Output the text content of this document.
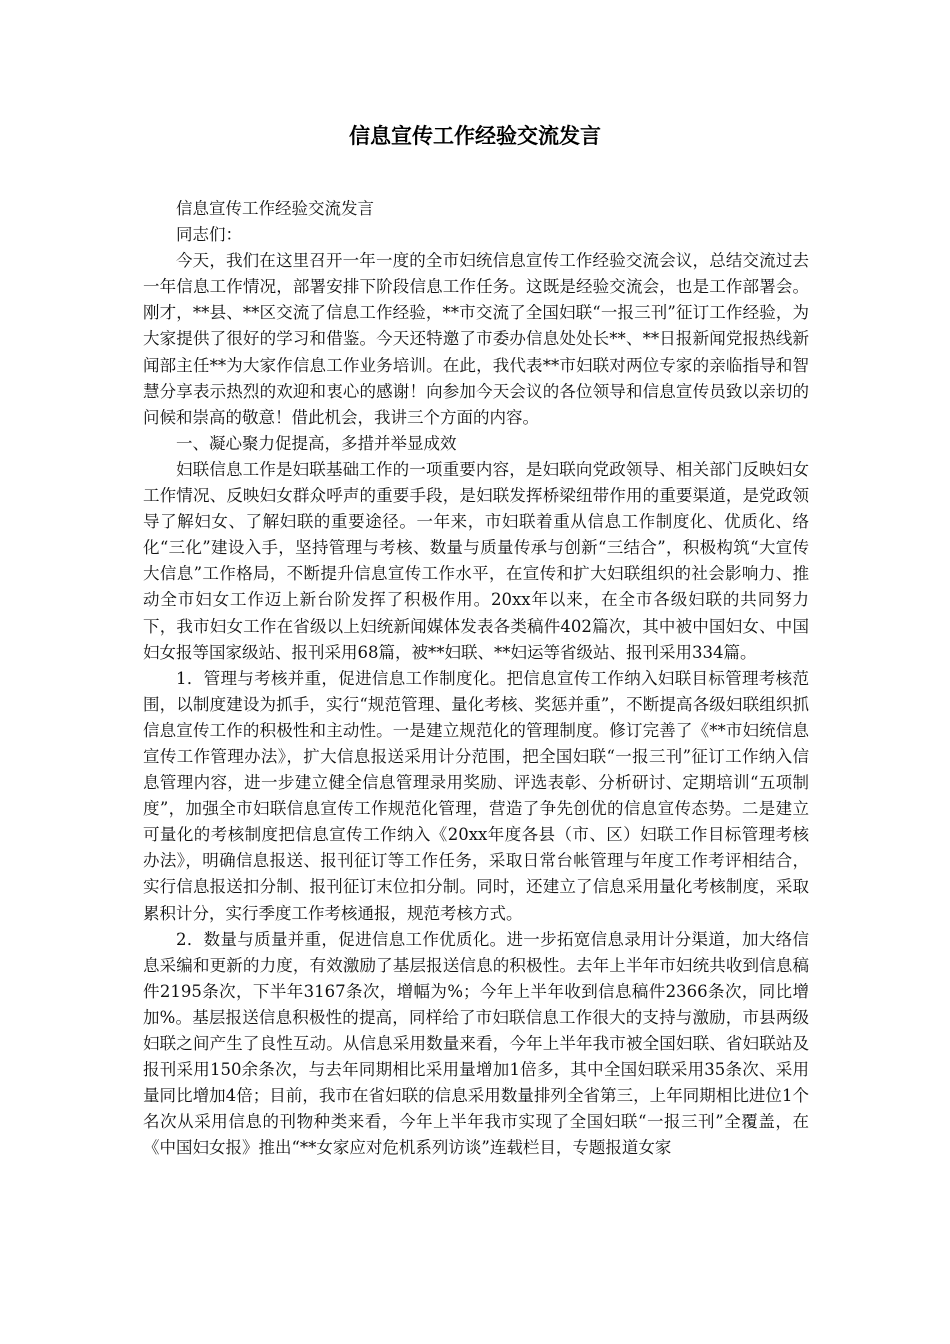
信息宣传工作经验交流发言

信息宣传工作经验交流发言

同志们：

今天，我们在这里召开一年一度的全市妇统信息宣传工作经验交流会议，总结交流过去一年信息工作情况，部署安排下阶段信息工作任务。这既是经验交流会，也是工作部署会。刚才，**县、**区交流了信息工作经验，**市交流了全国妇联“一报三刊”征订工作经验，为大家提供了很好的学习和借鉴。今天还特邀了市委办信息处处长**、**日报新闻党报热线新闻部主任**为大家作信息工作业务培训。在此，我代表**市妇联对两位专家的亲临指导和智慧分享表示热烈的欢迎和衷心的感谢！向参加今天会议的各位领导和信息宣传员致以亲切的问候和崇高的敬意！借此机会，我讲三个方面的内容。

一、凝心聚力促提高，多措并举显成效

妇联信息工作是妇联基础工作的一项重要内容，是妇联向党政领导、相关部门反映妇女工作情况、反映妇女群众呼声的重要手段，是妇联发挥桥梁纽带作用的重要渠道，是党政领导了解妇女、了解妇联的重要途径。一年来，市妇联着重从信息工作制度化、优质化、络化“三化”建设入手，坚持管理与考核、数量与质量传承与创新“三结合”，积极构筑“大宣传大信息”工作格局，不断提升信息宣传工作水平，在宣传和扩大妇联组织的社会影响力、推动全市妇女工作迈上新台阶发挥了积极作用。20xx年以来，在全市各级妇联的共同努力下，我市妇女工作在省级以上妇统新闻媒体发表各类稿件402篇次，其中被中国妇女、中国妇女报等国家级站、报刊采用68篇，被**妇联、**妇运等省级站、报刊采用334篇。

1．管理与考核并重，促进信息工作制度化。把信息宣传工作纳入妇联目标管理考核范围，以制度建设为抓手，实行“规范管理、量化考核、奖惩并重”，不断提高各级妇联组织抓信息宣传工作的积极性和主动性。一是建立规范化的管理制度。修订完善了《**市妇统信息宣传工作管理办法》，扩大信息报送采用计分范围，把全国妇联“一报三刊”征订工作纳入信息管理内容，进一步建立健全信息管理录用奖励、评选表彰、分析研讨、定期培训“五项制度”，加强全市妇联信息宣传工作规范化管理，营造了争先创优的信息宣传态势。二是建立可量化的考核制度把信息宣传工作纳入《20xx年度各县（市、区）妇联工作目标管理考核办法》，明确信息报送、报刊征订等工作任务，采取日常台帐管理与年度工作考评相结合，实行信息报送扣分制、报刊征订末位扣分制。同时，还建立了信息采用量化考核制度，采取累积计分，实行季度工作考核通报，规范考核方式。

2．数量与质量并重，促进信息工作优质化。进一步拓宽信息录用计分渠道，加大络信息采编和更新的力度，有效激励了基层报送信息的积极性。去年上半年市妇统共收到信息稿件2195条次，下半年3167条次，增幅为%；今年上半年收到信息稿件2366条次，同比增加%。基层报送信息积极性的提高，同样给了市妇联信息工作很大的支持与激励，市县两级妇联之间产生了良性互动。从信息采用数量来看，今年上半年我市被全国妇联、省妇联站及报刊采用150余条次，与去年同期相比采用量增加1倍多，其中全国妇联采用35条次、采用量同比增加4倍；目前，我市在省妇联的信息采用数量排列全省第三，上年同期相比进位1个名次从采用信息的刊物种类来看，今年上半年我市实现了全国妇联“一报三刊”全覆盖，在《中国妇女报》推出“**女家应对危机系列访谈”连载栏目，专题报道女家
